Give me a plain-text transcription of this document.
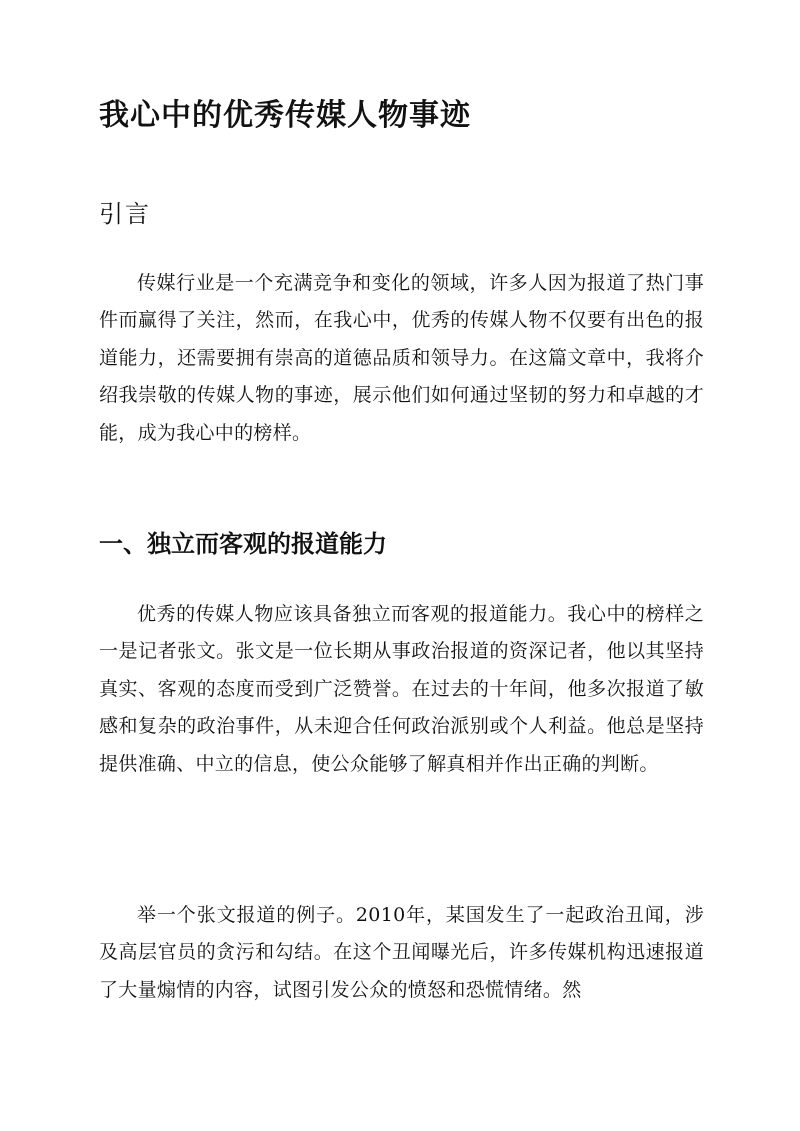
我心中的优秀传媒人物事迹
引言

传媒行业是一个充满竞争和变化的领域，许多人因为报道了热门事件而赢得了关注，然而，在我心中，优秀的传媒人物不仅要有出色的报道能力，还需要拥有崇高的道德品质和领导力。在这篇文章中，我将介绍我崇敬的传媒人物的事迹，展示他们如何通过坚韧的努力和卓越的才能，成为我心中的榜样。

一、独立而客观的报道能力

优秀的传媒人物应该具备独立而客观的报道能力。我心中的榜样之一是记者张文。张文是一位长期从事政治报道的资深记者，他以其坚持真实、客观的态度而受到广泛赞誉。在过去的十年间，他多次报道了敏感和复杂的政治事件，从未迎合任何政治派别或个人利益。他总是坚持提供准确、中立的信息，使公众能够了解真相并作出正确的判断。

举一个张文报道的例子。2010年，某国发生了一起政治丑闻，涉及高层官员的贪污和勾结。在这个丑闻曝光后，许多传媒机构迅速报道了大量煽情的内容，试图引发公众的愤怒和恐慌情绪。然
